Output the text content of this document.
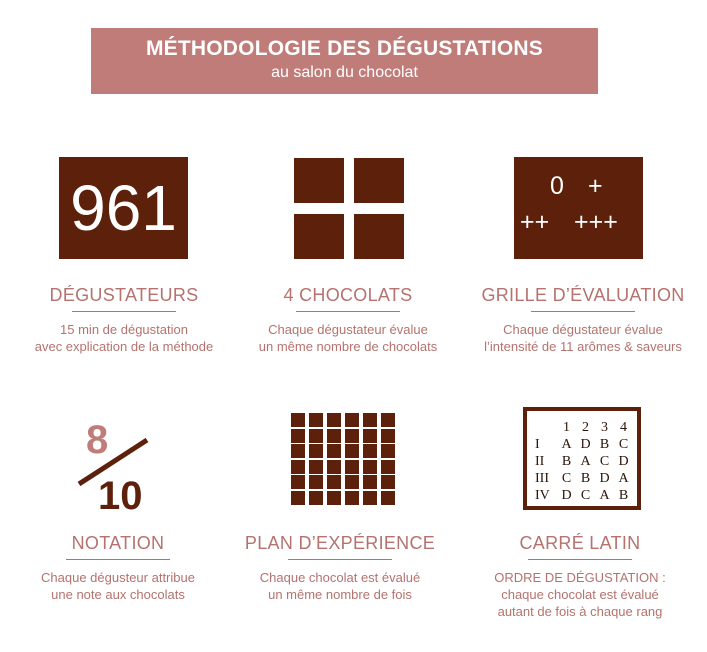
MÉTHODOLOGIE DES DÉGUSTATIONS
au salon du chocolat
961
DÉGUSTATEURS
15 min de dégustation
avec explication de la méthode
4 CHOCOLATS
Chaque dégustateur évalue
un même nombre de chocolats
0 +
++ +++
GRILLE D’ÉVALUATION
Chaque dégustateur évalue
l’intensité de 11 arômes & saveurs
8
10
NOTATION
Chaque dégusteur attribue
une note aux chocolats
PLAN D’EXPÉRIENCE
Chaque chocolat est évalué
un même nombre de fois
	1	2	3	4
I	A	D	B	C
II	B	A	C	D
III	C	B	D	A
IV	D	C	A	B
CARRÉ LATIN
ORDRE DE DÉGUSTATION :
chaque chocolat est évalué
autant de fois à chaque rang
